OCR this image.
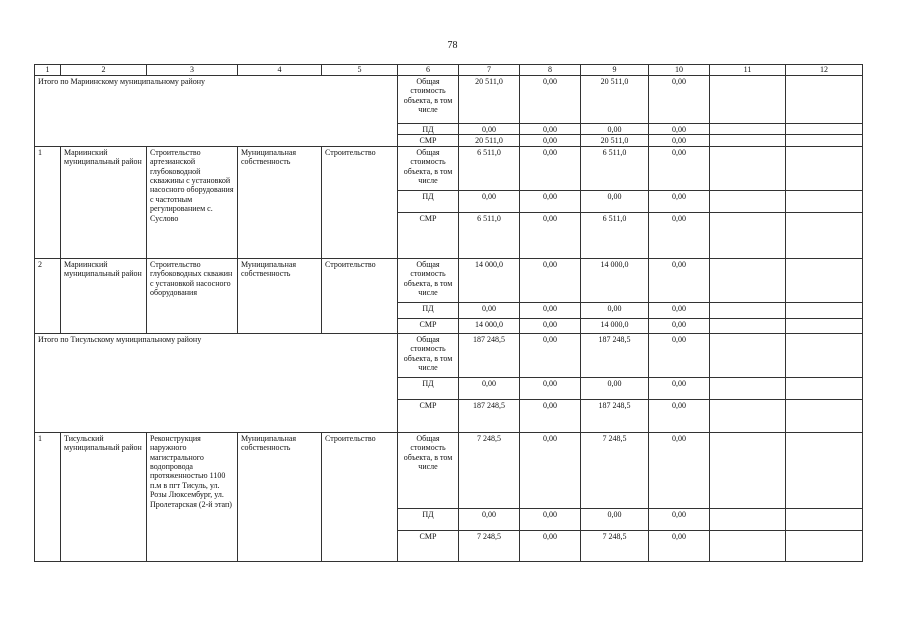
78
1	2	3	4	5	6	7	8	9	10	11	12
Итого по Мариинскому муниципальному району					Общая стоимость объекта, в том числе	20 511,0	0,00	20 511,0	0,00		
					ПД	0,00	0,00	0,00	0,00		
					СМР	20 511,0	0,00	20 511,0	0,00		
1	Мариинский муниципальный район	Строительство артезианской глубоководной скважины с установкой насосного оборудования с частотным регулированием с. Суслово	Муниципальная собственность	Строительство	Общая стоимость объекта, в том числе	6 511,0	0,00	6 511,0	0,00		
					ПД	0,00	0,00	0,00	0,00		
					СМР	6 511,0	0,00	6 511,0	0,00		
2	Мариинский муниципальный район	Строительство глубоководных скважин с установкой насосного оборудования	Муниципальная собственность	Строительство	Общая стоимость объекта, в том числе	14 000,0	0,00	14 000,0	0,00		
					ПД	0,00	0,00	0,00	0,00		
					СМР	14 000,0	0,00	14 000,0	0,00		
Итого по Тисульскому муниципальному району					Общая стоимость объекта, в том числе	187 248,5	0,00	187 248,5	0,00		
					ПД	0,00	0,00	0,00	0,00		
					СМР	187 248,5	0,00	187 248,5	0,00		
1	Тисульский муниципальный район	Реконструкция наружного магистрального водопровода протяженностью 1100 п.м в пгт Тисуль, ул. Розы Люксембург, ул. Пролетарская (2-й этап)	Муниципальная собственность	Строительство	Общая стоимость объекта, в том числе	7 248,5	0,00	7 248,5	0,00		
					ПД	0,00	0,00	0,00	0,00		
					СМР	7 248,5	0,00	7 248,5	0,00		
